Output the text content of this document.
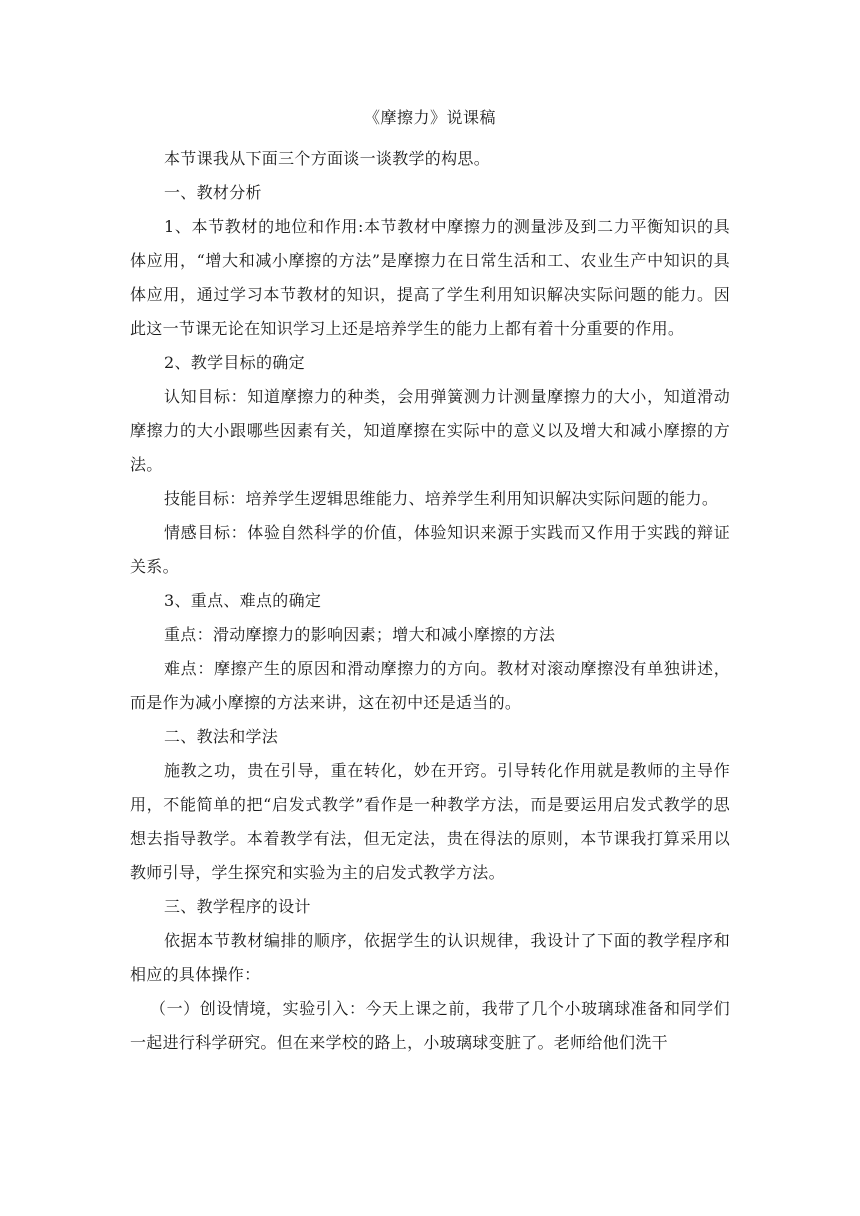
《摩擦力》说课稿

本节课我从下面三个方面谈一谈教学的构思。

一、教材分析

1、本节教材的地位和作用:本节教材中摩擦力的测量涉及到二力平衡知识的具体应用，“增大和减小摩擦的方法”是摩擦力在日常生活和工、农业生产中知识的具体应用，通过学习本节教材的知识，提高了学生利用知识解决实际问题的能力。因此这一节课无论在知识学习上还是培养学生的能力上都有着十分重要的作用。

2、教学目标的确定

认知目标：知道摩擦力的种类，会用弹簧测力计测量摩擦力的大小，知道滑动摩擦力的大小跟哪些因素有关，知道摩擦在实际中的意义以及增大和减小摩擦的方法。

技能目标：培养学生逻辑思维能力、培养学生利用知识解决实际问题的能力。

情感目标：体验自然科学的价值，体验知识来源于实践而又作用于实践的辩证关系。

3、重点、难点的确定

重点：滑动摩擦力的影响因素；增大和减小摩擦的方法

难点：摩擦产生的原因和滑动摩擦力的方向。教材对滚动摩擦没有单独讲述，而是作为减小摩擦的方法来讲，这在初中还是适当的。

二、教法和学法

施教之功，贵在引导，重在转化，妙在开窍。引导转化作用就是教师的主导作用，不能简单的把“启发式教学”看作是一种教学方法，而是要运用启发式教学的思想去指导教学。本着教学有法，但无定法，贵在得法的原则，本节课我打算采用以教师引导，学生探究和实验为主的启发式教学方法。

三、教学程序的设计

依据本节教材编排的顺序，依据学生的认识规律，我设计了下面的教学程序和相应的具体操作：

（一）创设情境，实验引入：今天上课之前，我带了几个小玻璃球准备和同学们一起进行科学研究。但在来学校的路上，小玻璃球变脏了。老师给他们洗干
